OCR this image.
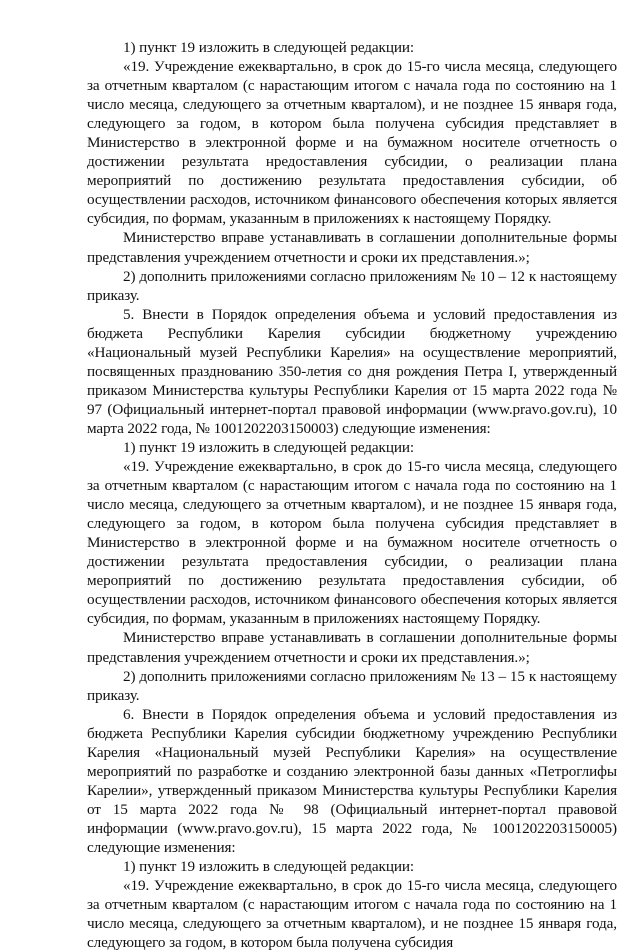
1) пункт 19 изложить в следующей редакции:

«19. Учреждение ежеквартально, в срок до 15-го числа месяца, следующего за отчетным кварталом (с нарастающим итогом с начала года по состоянию на 1 число месяца, следующего за отчетным кварталом), и не позднее 15 января года, следующего за годом, в котором была получена субсидия представляет в Министерство в электронной форме и на бумажном носителе отчетность о достижении результата нредоставления субсидии, о реализации плана мероприятий по достижению результата предоставления субсидии, об осуществлении расходов, источником финансового обеспечения которых является субсидия, по формам, указанным в приложениях к настоящему Порядку.

Министерство вправе устанавливать в соглашении дополнительные формы представления учреждением отчетности и сроки их представления.»;

2) дополнить приложениями согласно приложениям № 10 – 12 к настоящему приказу.

5. Внести в Порядок определения объема и условий предоставления из бюджета Республики Карелия субсидии бюджетному учреждению «Национальный музей Республики Карелия» на осуществление мероприятий, посвященных празднованию 350-летия со дня рождения Петра I, утвержденный приказом Министерства культуры Республики Карелия от 15 марта 2022 года № 97 (Официальный интернет-портал правовой информации (www.pravo.gov.ru), 10 марта 2022 года, № 1001202203150003) следующие изменения:

1) пункт 19 изложить в следующей редакции:

«19. Учреждение ежеквартально, в срок до 15-го числа месяца, следующего за отчетным кварталом (с нарастающим итогом с начала года по состоянию на 1 число месяца, следующего за отчетным кварталом), и не позднее 15 января года, следующего за годом, в котором была получена субсидия представляет в Министерство в электронной форме и на бумажном носителе отчетность о достижении результата предоставления субсидии, о реализации плана мероприятий по достижению результата предоставления субсидии, об осуществлении расходов, источником финансового обеспечения которых является субсидия, по формам, указанным в приложениях настоящему Порядку.

Министерство вправе устанавливать в соглашении дополнительные формы представления учреждением отчетности и сроки их представления.»;

2) дополнить приложениями согласно приложениям № 13 – 15 к настоящему приказу.

6. Внести в Порядок определения объема и условий предоставления из бюджета Республики Карелия субсидии бюджетному учреждению Республики Карелия «Национальный музей Республики Карелия» на осуществление мероприятий по разработке и созданию электронной базы данных «Петроглифы Карелии», утвержденный приказом Министерства культуры Республики Карелия от 15 марта 2022 года № 98 (Официальный интернет-портал правовой информации (www.pravo.gov.ru), 15 марта 2022 года, № 1001202203150005) следующие изменения:

1) пункт 19 изложить в следующей редакции:

«19. Учреждение ежеквартально, в срок до 15-го числа месяца, следующего за отчетным кварталом (с нарастающим итогом с начала года по состоянию на 1 число месяца, следующего за отчетным кварталом), и не позднее 15 января года, следующего за годом, в котором была получена субсидия
